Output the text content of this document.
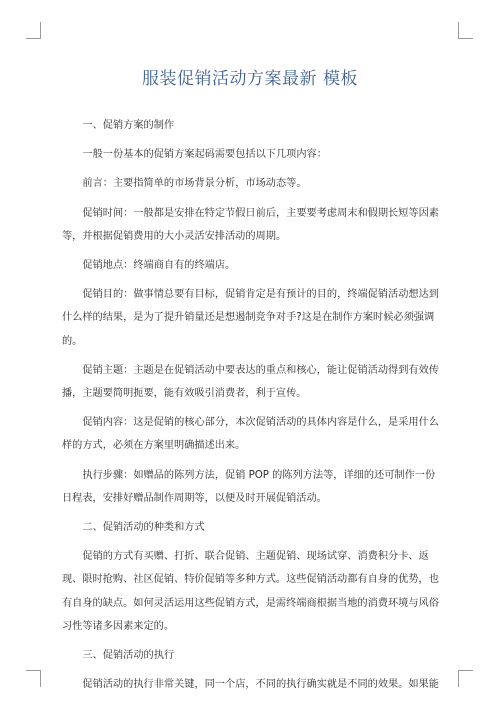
服装促销活动方案最新 模板

一、促销方案的制作

一般一份基本的促销方案起码需要包括以下几项内容：

前言：主要指简单的市场背景分析，市场动态等。

促销时间：一般都是安排在特定节假日前后，主要要考虑周末和假期长短等因素等，并根据促销费用的大小灵活安排活动的周期。

促销地点：终端商自有的终端店。

促销目的：做事情总要有目标，促销肯定是有预计的目的，终端促销活动想达到什么样的结果，是为了提升销量还是想遏制竞争对手?这是在制作方案时候必须强调的。

促销主题：主题是在促销活动中要表达的重点和核心，能让促销活动得到有效传播，主题要简明扼要，能有效吸引消费者，利于宣传。

促销内容：这是促销的核心部分，本次促销活动的具体内容是什么，是采用什么样的方式，必须在方案里明确描述出来。

执行步骤：如赠品的陈列方法，促销 POP 的陈列方法等，详细的还可制作一份日程表，安排好赠品制作周期等，以便及时开展促销活动。

二、促销活动的种类和方式

促销的方式有买赠、打折、联合促销、主题促销、现场试穿、消费积分卡、返现、限时抢购、社区促销、特价促销等多种方式。这些促销活动都有自身的优势，也有自身的缺点。如何灵活运用这些促销方式，是需终端商根据当地的消费环境与风俗习性等诸多因素来定的。

三、促销活动的执行

促销活动的执行非常关键，同一个店，不同的执行确实就是不同的效果。如果能
